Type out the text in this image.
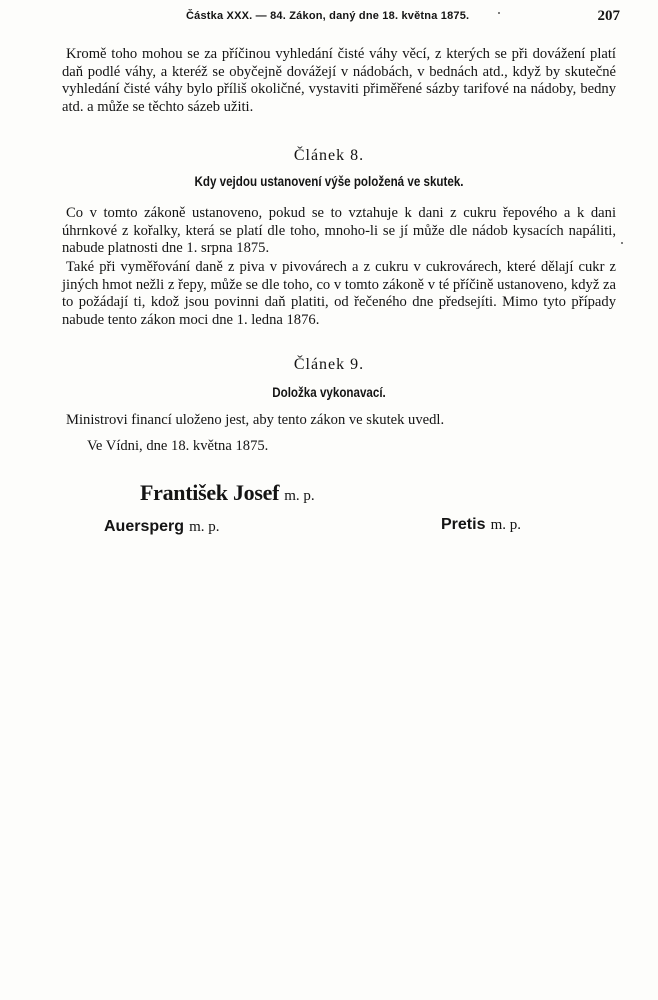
Částka XXX. — 84. Zákon, daný dne 18. května 1875.	207

Kromě toho mohou se za příčinou vyhledání čisté váhy věcí, z kterých se při dovážení platí daň podlé váhy, a kteréž se obyčejně dovážejí v nádobách, v bednách atd., když by skutečné vyhledání čisté váhy bylo příliš okoličné, vystaviti přiměřené sázby tarifové na nádoby, bedny atd. a může se těchto sázeb užiti.

Článek 8.
Kdy vejdou ustanovení výše položená ve skutek.

Co v tomto zákoně ustanoveno, pokud se to vztahuje k dani z cukru řepového a k dani úhrnkové z kořalky, která se platí dle toho, mnoho-li se jí může dle nádob kysacích napáliti, nabude platnosti dne 1. srpna 1875.

Také při vyměřování daně z piva v pivovárech a z cukru v cukrovárech, které dělají cukr z jiných hmot nežli z řepy, může se dle toho, co v tomto zákoně v té příčině ustanoveno, když za to požádají ti, kdož jsou povinni daň platiti, od řečeného dne předsejíti. Mimo tyto případy nabude tento zákon moci dne 1. ledna 1876.

Článek 9.
Doložka vykonavací.

Ministrovi financí uloženo jest, aby tento zákon ve skutek uvedl.

Ve Vídni, dne 18. května 1875.

František Josef m. p.
Auersperg m. p.	Pretis m. p.
